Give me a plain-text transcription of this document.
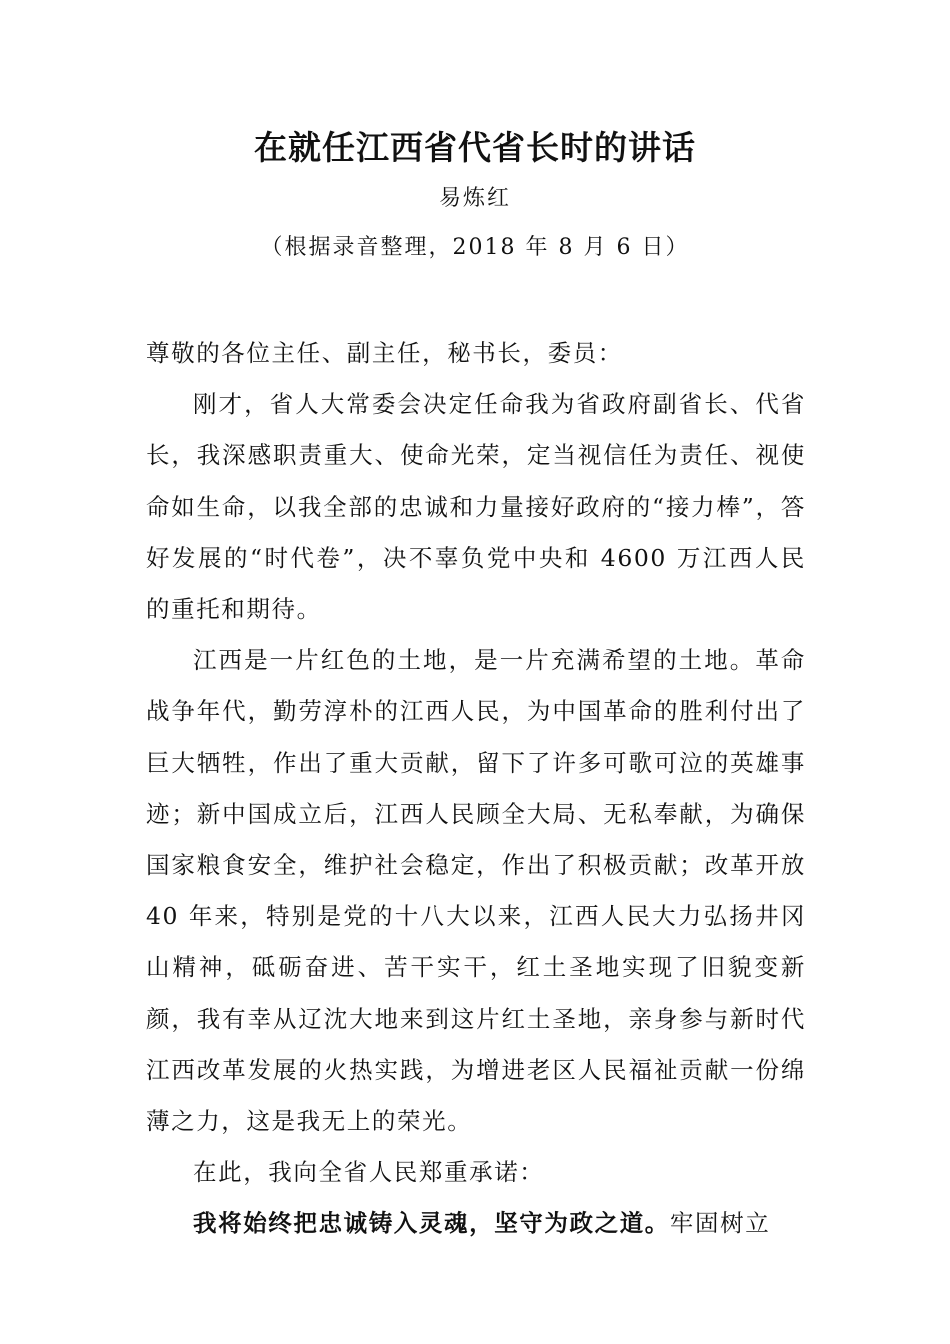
在就任江西省代省长时的讲话
易炼红
（根据录音整理，2018 年 8 月 6 日）

尊敬的各位主任、副主任，秘书长，委员：

刚才，省人大常委会决定任命我为省政府副省长、代省长，我深感职责重大、使命光荣，定当视信任为责任、视使命如生命，以我全部的忠诚和力量接好政府的“接力棒”，答好发展的“时代卷”，决不辜负党中央和 4600 万江西人民的重托和期待。

江西是一片红色的土地，是一片充满希望的土地。革命战争年代，勤劳淳朴的江西人民，为中国革命的胜利付出了巨大牺牲，作出了重大贡献，留下了许多可歌可泣的英雄事迹；新中国成立后，江西人民顾全大局、无私奉献，为确保国家粮食安全，维护社会稳定，作出了积极贡献；改革开放 40 年来，特别是党的十八大以来，江西人民大力弘扬井冈山精神，砥砺奋进、苦干实干，红土圣地实现了旧貌变新颜，我有幸从辽沈大地来到这片红土圣地，亲身参与新时代江西改革发展的火热实践，为增进老区人民福祉贡献一份绵薄之力，这是我无上的荣光。

在此，我向全省人民郑重承诺：

我将始终把忠诚铸入灵魂，坚守为政之道。牢固树立
